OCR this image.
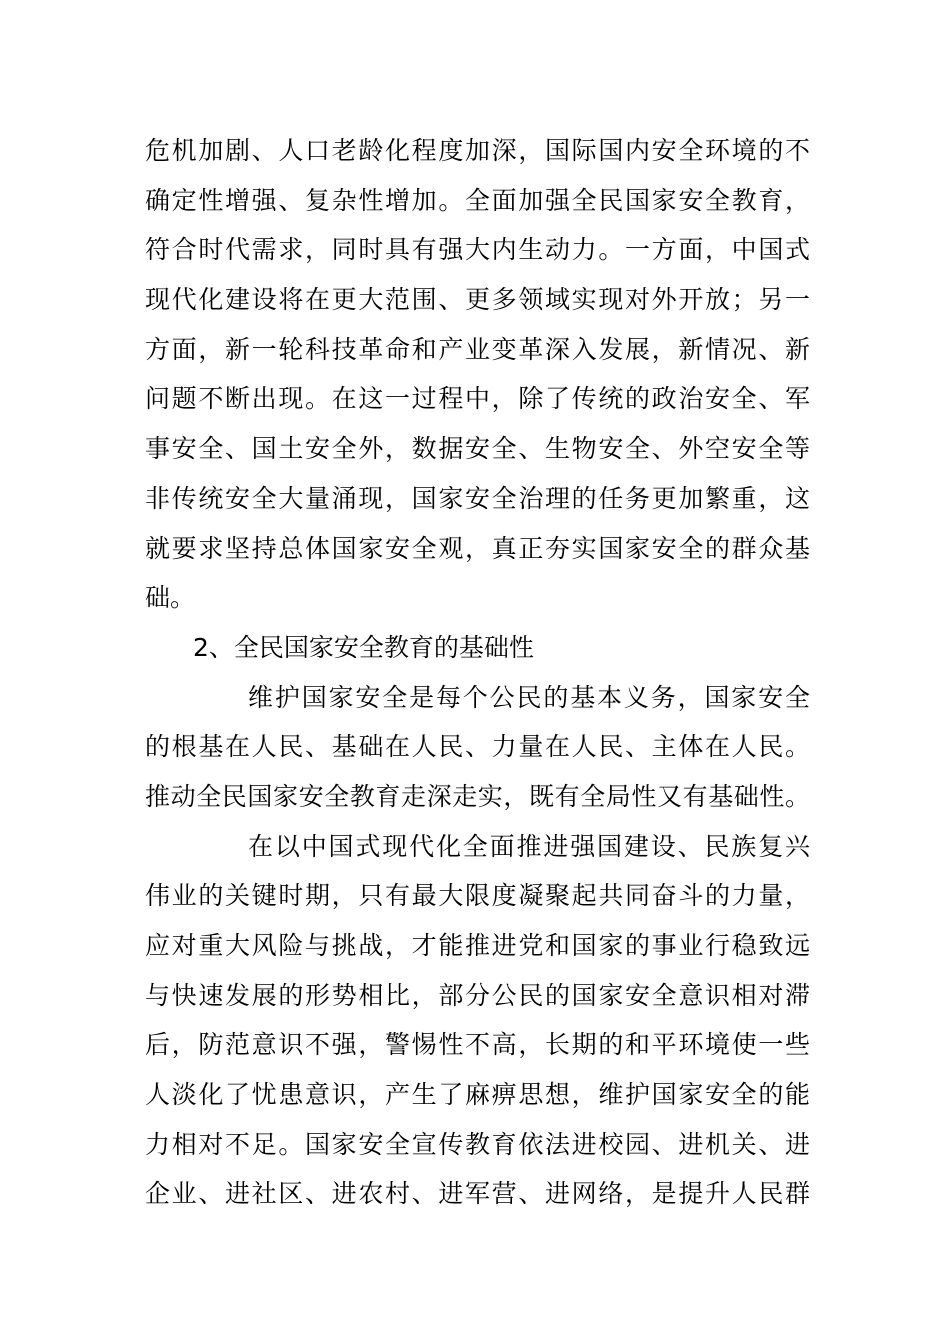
危机加剧、人口老龄化程度加深，国际国内安全环境的不
确定性增强、复杂性增加。全面加强全民国家安全教育，
符合时代需求，同时具有强大内生动力。一方面，中国式
现代化建设将在更大范围、更多领域实现对外开放；另一
方面，新一轮科技革命和产业变革深入发展，新情况、新
问题不断出现。在这一过程中，除了传统的政治安全、军
事安全、国土安全外，数据安全、生物安全、外空安全等
非传统安全大量涌现，国家安全治理的任务更加繁重，这
就要求坚持总体国家安全观，真正夯实国家安全的群众基
础。
2、全民国家安全教育的基础性
维护国家安全是每个公民的基本义务，国家安全
的根基在人民、基础在人民、力量在人民、主体在人民。
推动全民国家安全教育走深走实，既有全局性又有基础性。
在以中国式现代化全面推进强国建设、民族复兴
伟业的关键时期，只有最大限度凝聚起共同奋斗的力量，
应对重大风险与挑战，才能推进党和国家的事业行稳致远
与快速发展的形势相比，部分公民的国家安全意识相对滞
后，防范意识不强，警惕性不高，长期的和平环境使一些
人淡化了忧患意识，产生了麻痹思想，维护国家安全的能
力相对不足。国家安全宣传教育依法进校园、进机关、进
企业、进社区、进农村、进军营、进网络，是提升人民群
